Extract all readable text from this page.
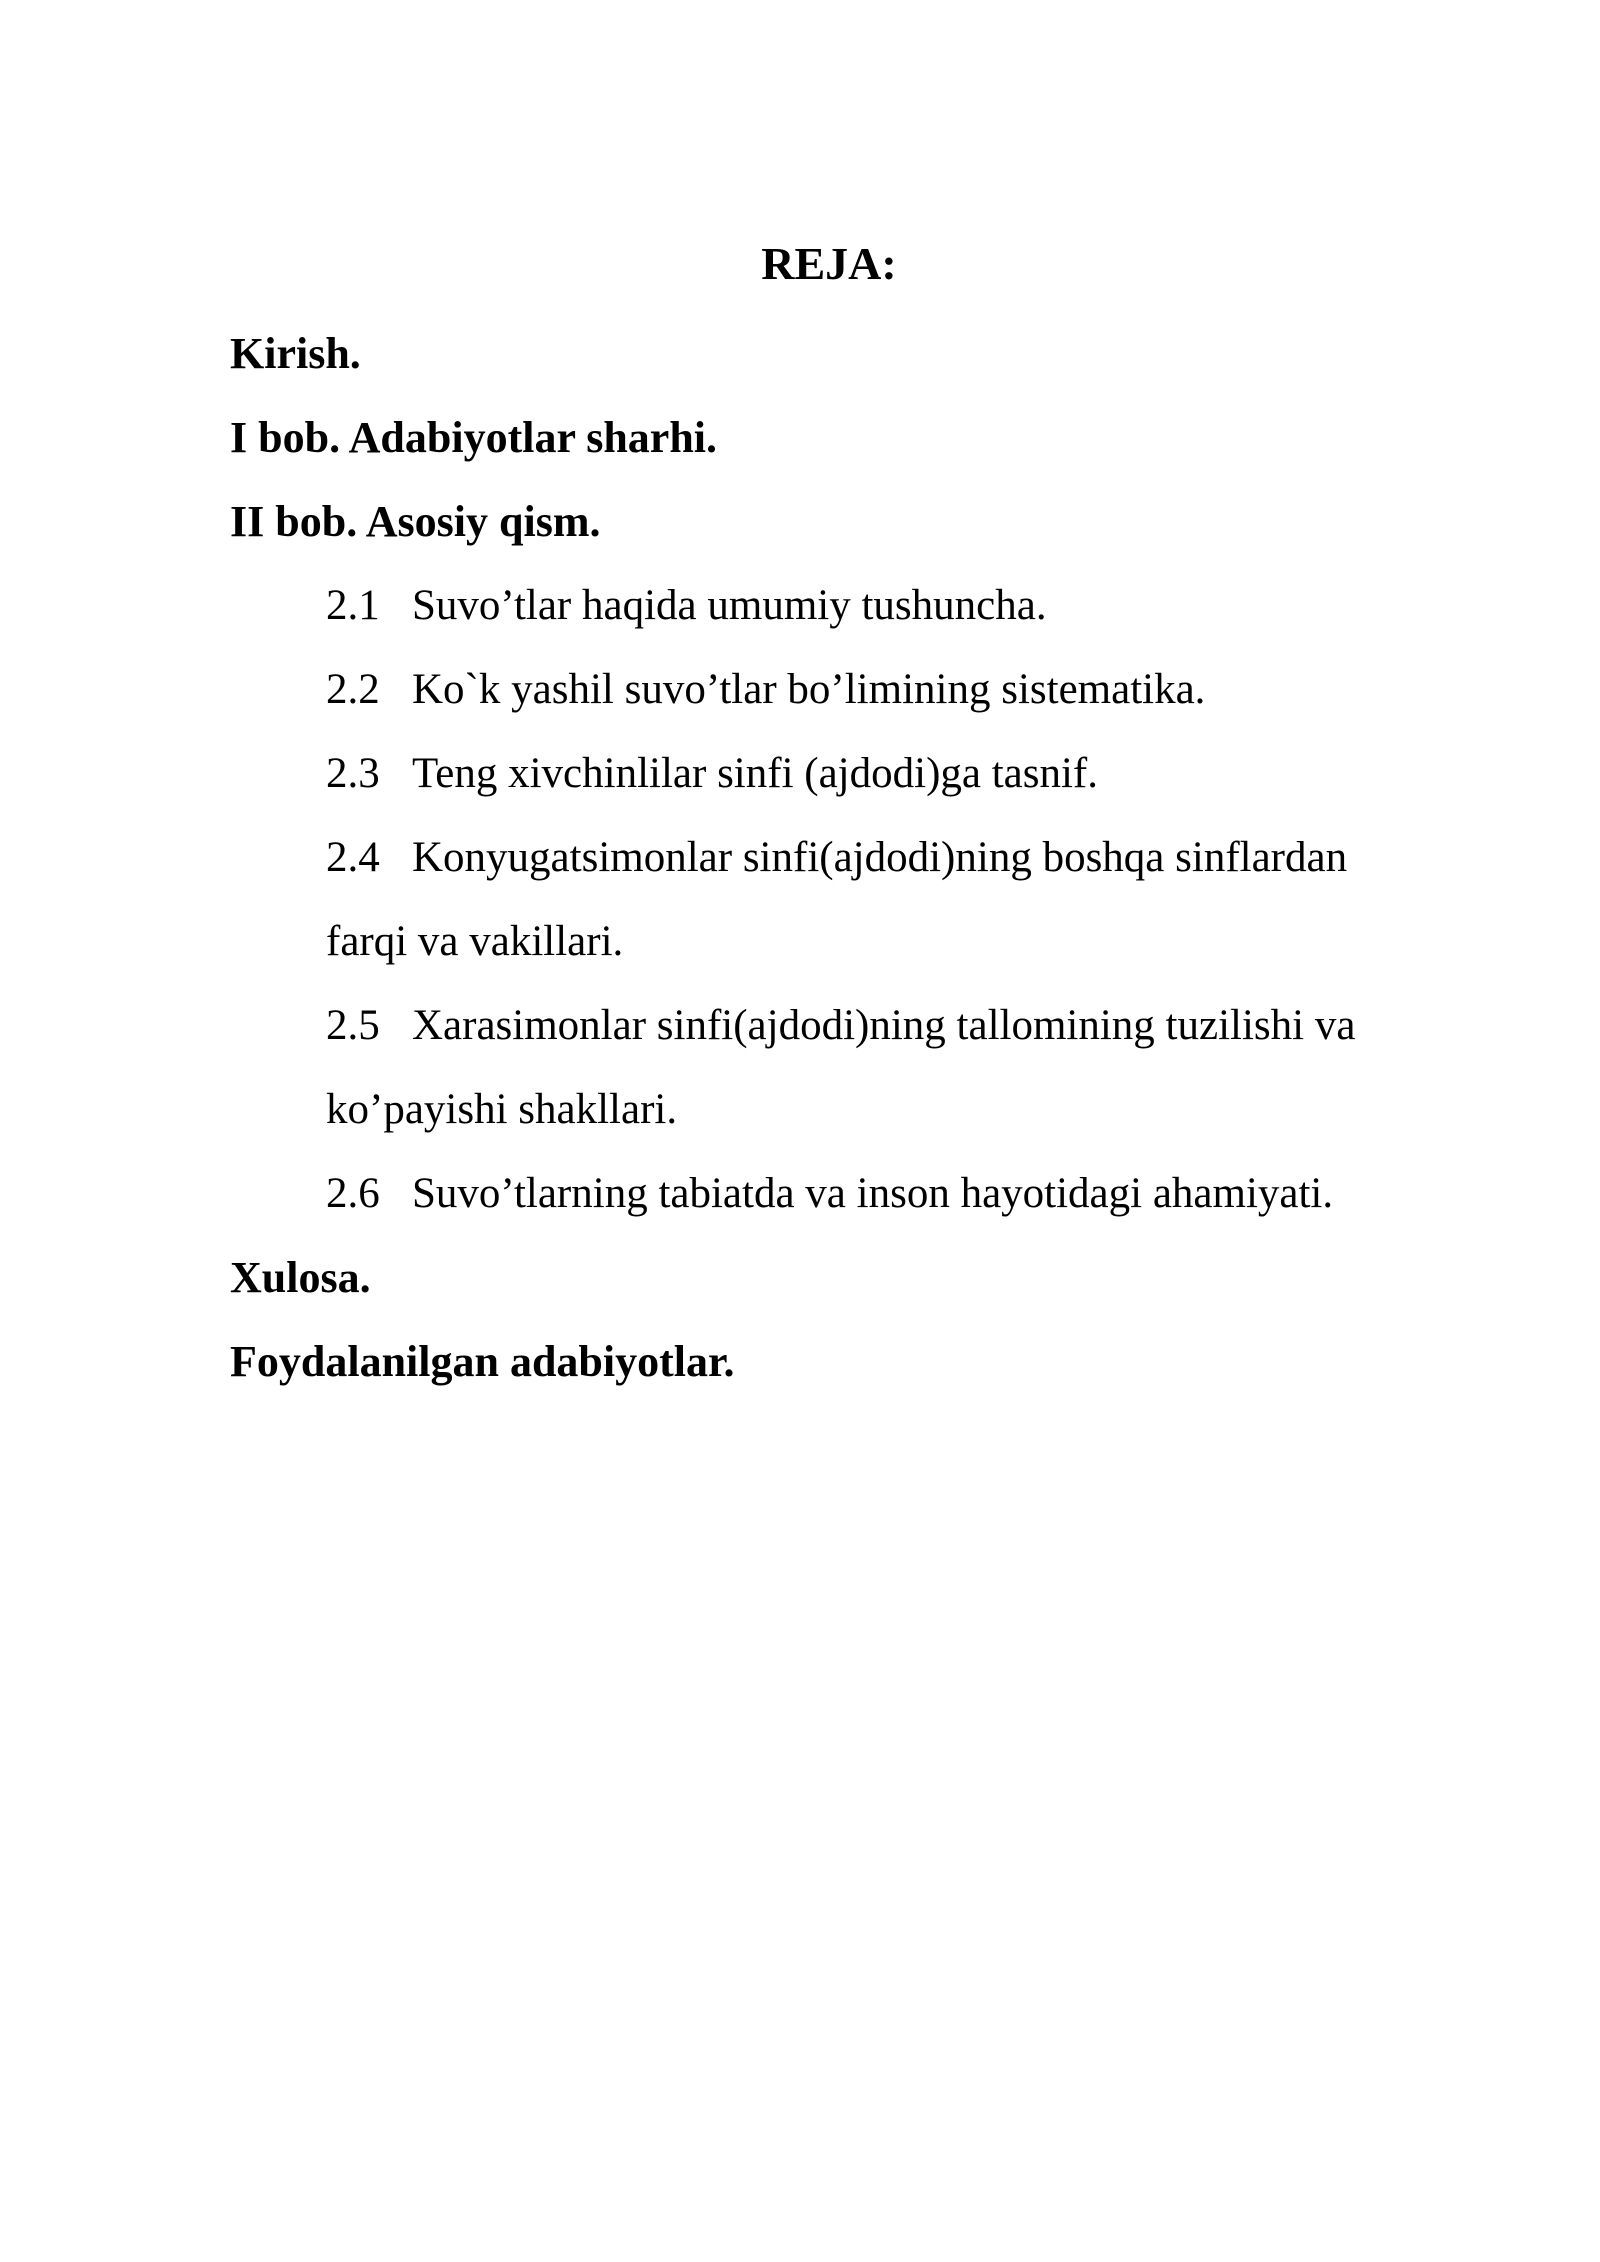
REJA:

Kirish.

I bob. Adabiyotlar sharhi.

II bob. Asosiy qism.

2.1 Suvo’tlar haqida umumiy tushuncha.

2.2 Ko`k yashil suvo’tlar bo’limining sistematika.

2.3 Teng xivchinlilar sinfi (ajdodi)ga tasnif.

2.4 Konyugatsimonlar sinfi(ajdodi)ning boshqa sinflardan

farqi va vakillari.

2.5 Xarasimonlar sinfi(ajdodi)ning tallomining tuzilishi va

ko’payishi shakllari.

2.6 Suvo’tlarning tabiatda va inson hayotidagi ahamiyati.

Xulosa.

Foydalanilgan adabiyotlar.
